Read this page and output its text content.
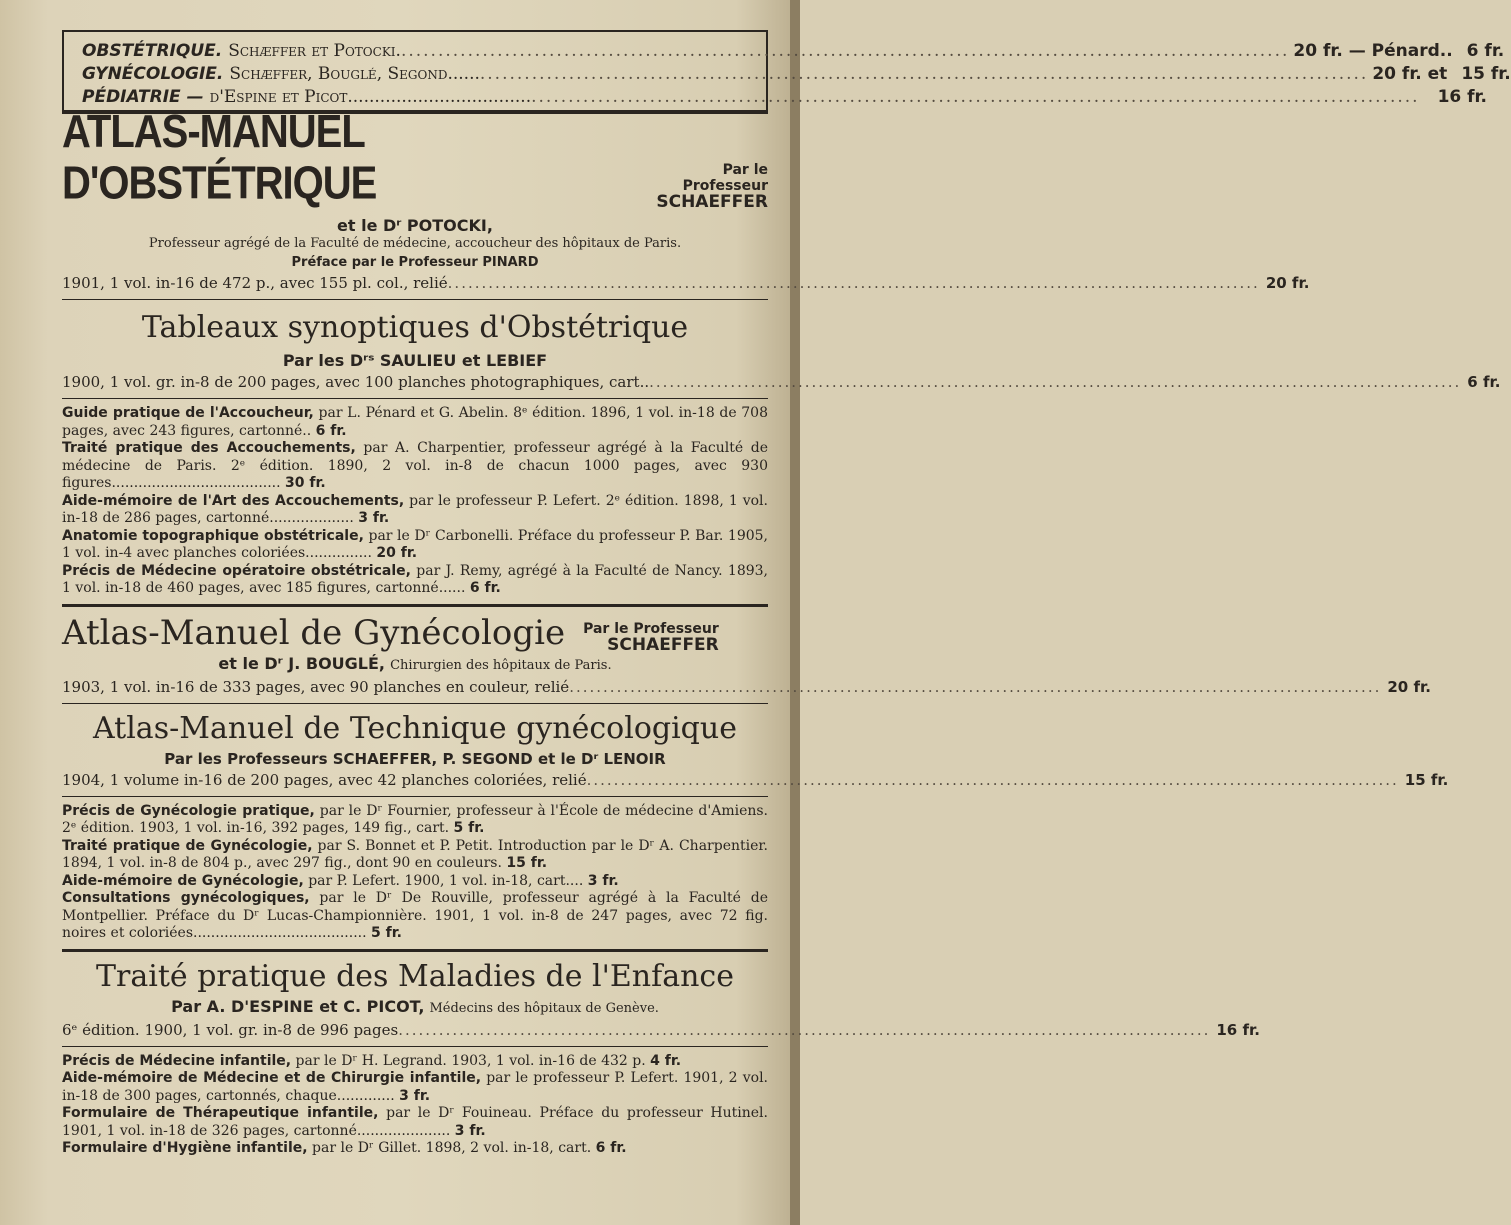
OBSTÉTRIQUE. Schæffer et Potocki. ........................................................................................................................ 20 fr. — Pénard.. 6 fr.
GYNÉCOLOGIE. Schæffer, Bouglé, Segond...... ........................................................................................................................ 20 fr. et 15 fr.
PÉDIATRIE — d'Espine et Picot.................................. ........................................................................................................................ 16 fr.
ATLAS-MANUEL D'OBSTÉTRIQUE	Par le Professeur
SCHAEFFER
et le Dʳ POTOCKI,
Professeur agrégé de la Faculté de médecine, accoucheur des hôpitaux de Paris.
Préface par le Professeur PINARD
1901, 1 vol. in-16 de 472 p., avec 155 pl. col., relié ........................................................................................................................ 20 fr.
Tableaux synoptiques d'Obstétrique
Par les Dʳˢ SAULIEU et LEBIEF
1900, 1 vol. gr. in-8 de 200 pages, avec 100 planches photographiques, cart.. ........................................................................................................................ 6 fr.
Guide pratique de l'Accoucheur, par L. Pénard et G. Abelin. 8ᵉ édition. 1896, 1 vol. in-18 de 708 pages, avec 243 figures, cartonné.. 6 fr.
Traité pratique des Accouchements, par A. Charpentier, professeur agrégé à la Faculté de médecine de Paris. 2ᵉ édition. 1890, 2 vol. in-8 de chacun 1000 pages, avec 930 figures...................................... 30 fr.
Aide-mémoire de l'Art des Accouchements, par le professeur P. Lefert. 2ᵉ édition. 1898, 1 vol. in-18 de 286 pages, cartonné................... 3 fr.
Anatomie topographique obstétricale, par le Dʳ Carbonelli. Préface du professeur P. Bar. 1905, 1 vol. in-4 avec planches coloriées............... 20 fr.
Précis de Médecine opératoire obstétricale, par J. Remy, agrégé à la Faculté de Nancy. 1893, 1 vol. in-18 de 460 pages, avec 185 figures, cartonné...... 6 fr.
Atlas-Manuel de Gynécologie Par le Professeur
SCHAEFFER
et le Dʳ J. BOUGLÉ, Chirurgien des hôpitaux de Paris.
1903, 1 vol. in-16 de 333 pages, avec 90 planches en couleur, relié ........................................................................................................................ 20 fr.
Atlas-Manuel de Technique gynécologique
Par les Professeurs SCHAEFFER, P. SEGOND et le Dʳ LENOIR
1904, 1 volume in-16 de 200 pages, avec 42 planches coloriées, relié ........................................................................................................................ 15 fr.
Précis de Gynécologie pratique, par le Dʳ Fournier, professeur à l'École de médecine d'Amiens. 2ᵉ édition. 1903, 1 vol. in-16, 392 pages, 149 fig., cart. 5 fr.
Traité pratique de Gynécologie, par S. Bonnet et P. Petit. Introduction par le Dʳ A. Charpentier. 1894, 1 vol. in-8 de 804 p., avec 297 fig., dont 90 en couleurs. 15 fr.
Aide-mémoire de Gynécologie, par P. Lefert. 1900, 1 vol. in-18, cart.... 3 fr.
Consultations gynécologiques, par le Dʳ De Rouville, professeur agrégé à la Faculté de Montpellier. Préface du Dʳ Lucas-Championnière. 1901, 1 vol. in-8 de 247 pages, avec 72 fig. noires et coloriées....................................... 5 fr.
Traité pratique des Maladies de l'Enfance
Par A. D'ESPINE et C. PICOT, Médecins des hôpitaux de Genève.
6ᵉ édition. 1900, 1 vol. gr. in-8 de 996 pages ........................................................................................................................ 16 fr.
Précis de Médecine infantile, par le Dʳ H. Legrand. 1903, 1 vol. in-16 de 432 p. 4 fr.
Aide-mémoire de Médecine et de Chirurgie infantile, par le professeur P. Lefert. 1901, 2 vol. in-18 de 300 pages, cartonnés, chaque............. 3 fr.
Formulaire de Thérapeutique infantile, par le Dʳ Fouineau. Préface du professeur Hutinel. 1901, 1 vol. in-18 de 326 pages, cartonné..................... 3 fr.
Formulaire d'Hygiène infantile, par le Dʳ Gillet. 1898, 2 vol. in-18, cart. 6 fr.
